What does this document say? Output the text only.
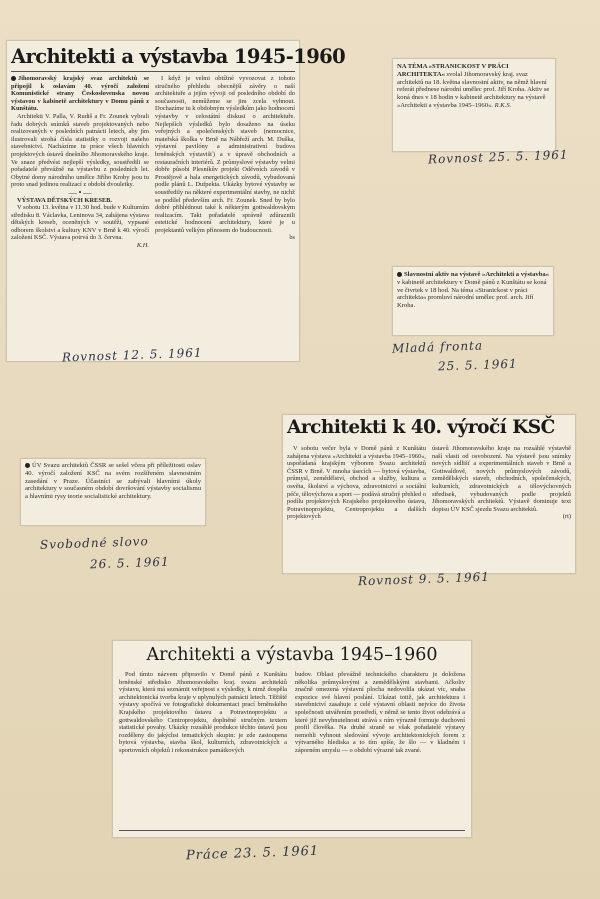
Architekti a výstavba 1945-1960
Jihomoravský krajský svaz architektů se připojil k oslavám 40. výročí založení Komunistické strany Československa novou výstavou v kabinetě architektury v Domu pánů z Kunštátu.
Architekti V. Palla, V. Rudiš a Fr. Zounek vybrali řadu dobrých snímků staveb projektovaných nebo realizovaných v posledních patnácti letech, aby jím ilustrovali strohá čísla statistiky o rozvoji našeho stavebnictví. Nacházíme tu práce všech hlavních projektových ústavů dnešního Jihomoravského kraje. Ve snaze předvést nejlepší výsledky, soustředili se pořadatelé převážně na výstavbu z posledních let. Obytné domy národního umělce Jiřího Kroby jsou tu proto snad jedinou realizací z období dvouletky.
— • —
VÝSTAVA DĚTSKÝCH KRESEB.
V sobotu 13. května v 11.30 hod. bude v Kulturním středisku 8. Václavka, Leninova 34, zahájena výstava dětských kreseb, oceněných v soutěži, vypsané odborem školství a kultury KNV v Brně k 40. výročí založení KSČ. Výstava potrvá do 3. června.
K.H.
I když je velmi obtížné vyvozovat z tohoto stručného přehledu obecnější závěry o naší architektuře a jejím vývoji od posledního období do současnosti, nemůžeme se jim zcela vyhnout. Dochazíme tu k obdobným výsledkům jako hodnocení výstavby v celostátní diskusi o architektuře. Nejlepších výsledků bylo dosaženo na úseku veřejných a společenských staveb (nemocnice, mateřská školka v Brně na Nábřeží arch. M. Duška, výstavní pavilóny a administrativní budova brněnských výstavišť) a v úpravě obchodních a restauračních interiérů. Z průmyslové výstavby velmi dobře působí Plesníkův projekt Oděvních závodů v Prostějově a hala energetických závodů, vybudovaná podle plánů L. Dufpekta. Ukázky bytové výstavby se soustředily na některé experimentální stavby, ne nichž se podílel především arch. Fr. Zounek. Sned by bylo dobré přihlédnout také k některým gottwaldovským realizacím. Takt pořadatelé správně zdůraznili estetické hodnocení architektury, které je u projektantů velkým přínosem do budoucnosti.
bs
Rovnost 12. 5. 1961
NA TÉMA »STRANICKOST V PRÁCI ARCHITEKTA« svolal Jihomoravský kraj. svaz architektů na 18. května slavnostní aktiv, na němž hlavní referát přednese národní umělec prof. Jiří Kroha. Aktiv se koná dnes v 18 hodin v kabinetě architektury na výstavě »Architekti a výstavba 1945–1960«. R.K.S.
Rovnost 25. 5. 1961
Slavnostní aktiv na výstavě »Architekti a výstavba« v kabinetě architektury v Domě pánů z Kunštátu se koná ve čtvrtek v 18 hod. Na téma »Stranickost v práci architekta« promluví národní umělec prof. arch. Jiří Kroha.
Mladá fronta
25. 5. 1961
Architekti k 40. výročí KSČ
V sobotu večer byla v Domě pánů z Kunštátu zahájena výstava »Architekti a výstavba 1945–1960«, uspořádaná krajským výborem Svazu architektů ČSSR v Brně. V mnoha úsecích — bytová výstavba, průmysl, zemědělství, obchod a služby, kultura a osvěta, školství a výchova, zdravotnictví a sociální péče, tělovýchova a sport — podává stručný přehled o podílu projektových Krajského projektového ústavu, Potravinoprojektu, Centroprojektu a dalších projektových
ústavů Jihomoravského kraje na rozsáhlé výstavbě naší vlasti od osvobození. Na výstavě jsou snímky nových sídlišť a experimentálních staveb v Brně a Gottwaldově, nových průmyslových závodů, zemědělských staveb, obchodních, společenských, kulturních, zdravotnických a tělovýchovných středisek, vybudovaných podle projektů Jihomoravských architektů. Výstavě dominuje text dopisu ÚV KSČ sjezdu Svazu architektů.
(rt)
Rovnost 9. 5. 1961
ÚV Svazu architektů ČSSR se sešel včera při příležitosti oslav 40. výročí založení KSČ na svém rozšířeném slavnostním zasedání v Praze. Účastníci se zabývali hlavními úkoly architektury v současném období dovršování výstavby socialismu a hlavními rysy teorie socialistické architektury.
Svobodné slovo
26. 5. 1961
Architekti a výstavba 1945–1960
Pod tímto názvem připravilo v Domě pánů z Kunštátu brněnské středisko Jihomoravského kraj. svazu architektů výstavu, která má seznámit veřejnost s výsledky, k nimž dospěla architektonická tvorba kraje v uplynulých patnácti letech. Těžiště výstavy spočívá ve fotografické dokumentaci prací brněnského Krajského projektového ústavu a Potravinoprojektu a gottwaldovského Centroprojektu, doplněné stručným textem statistické povahy. Ukázky rozsáhlé produkce těchto ústavů jsou rozděleny do jakýchsi tematických skupin: je zde zastoupena bytová výstavba, stavba škol, kulturních, zdravotnických a sportovních objektů i rekonstrukce památkových
budov. Oblast převážně technického charakteru je doložena několika průmyslovými a zemědělskými stavbami. Ačkoliv značně omezená výstavní plocha nedovolila ukázat víc, snaha expozice své hlavní poslání. Ukázat totiž, jak architektura i stavebnictví zasahuje z celé výstavní oblasti nejvíce do života společnosti utvářením prostředí, v němž se tento život odehrává a které již nevyhnutelnosti strává s ním výrazně formuje duchovní profil člověka. Na druhé straně se však pořadatelé výstavy nemohli vyhnout sledování vývoje architektonických forem z výtvarného hlediska a to tím spíše, že šlo — v kladném i záporném smyslu — o období výrazné tak zvané.
Práce 23. 5. 1961
